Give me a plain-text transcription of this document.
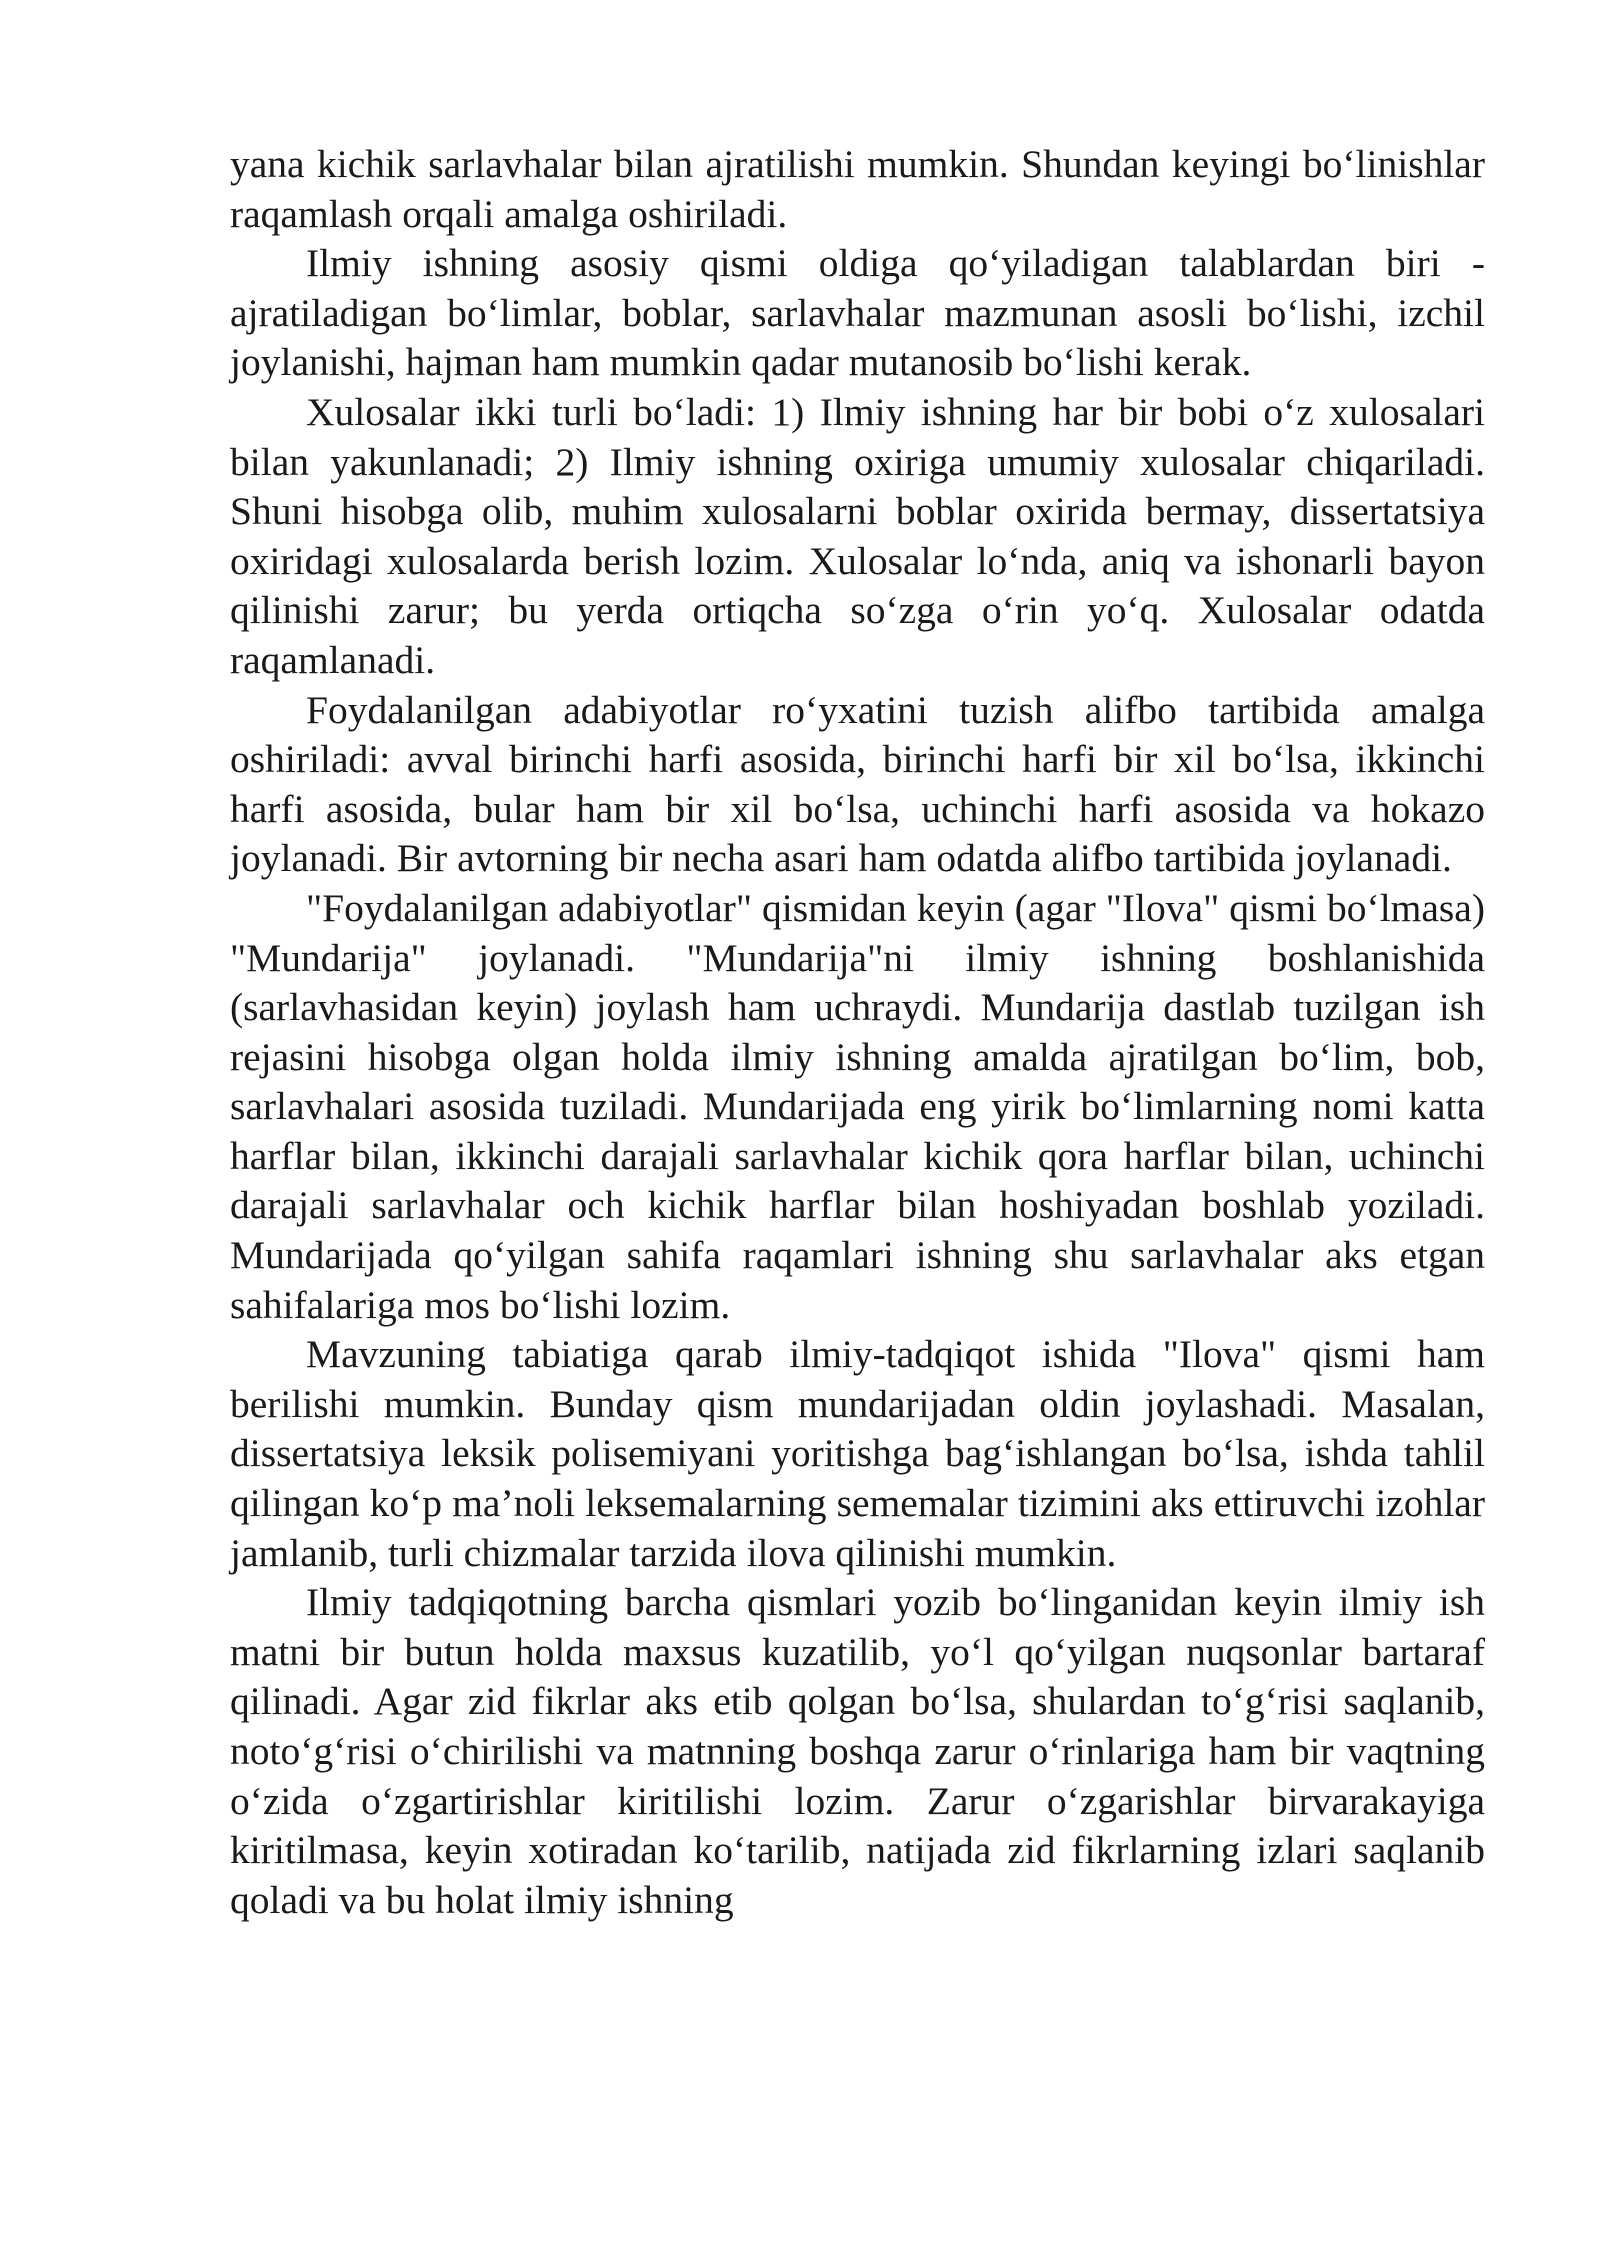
yana kichik sarlavhalar bilan ajratilishi mumkin. Shundan keyingi bo‘linishlar raqamlash orqali amalga oshiriladi.

Ilmiy ishning asosiy qismi oldiga qo‘yiladigan talablardan biri - ajratiladigan bo‘limlar, boblar, sarlavhalar mazmunan asosli bo‘lishi, izchil joylanishi, hajman ham mumkin qadar mutanosib bo‘lishi kerak.

Xulosalar ikki turli bo‘ladi: 1) Ilmiy ishning har bir bobi o‘z xulosalari bilan yakunlanadi; 2) Ilmiy ishning oxiriga umumiy xulosalar chiqariladi. Shuni hisobga olib, muhim xulosalarni boblar oxirida bermay, dissertatsiya oxiridagi xulosalarda berish lozim. Xulosalar lo‘nda, aniq va ishonarli bayon qilinishi zarur; bu yerda ortiqcha so‘zga o‘rin yo‘q. Xulosalar odatda raqamlanadi.

Foydalanilgan adabiyotlar ro‘yxatini tuzish alifbo tartibida amalga oshiriladi: avval birinchi harfi asosida, birinchi harfi bir xil bo‘lsa, ikkinchi harfi asosida, bular ham bir xil bo‘lsa, uchinchi harfi asosida va hokazo joylanadi. Bir avtorning bir necha asari ham odatda alifbo tartibida joylanadi.

"Foydalanilgan adabiyotlar" qismidan keyin (agar "Ilova" qismi bo‘lmasa) "Mundarija" joylanadi. "Mundarija"ni ilmiy ishning boshlanishida (sarlavhasidan keyin) joylash ham uchraydi. Mundarija dastlab tuzilgan ish rejasini hisobga olgan holda ilmiy ishning amalda ajratilgan bo‘lim, bob, sarlavhalari asosida tuziladi. Mundarijada eng yirik bo‘limlarning nomi katta harflar bilan, ikkinchi darajali sarlavhalar kichik qora harflar bilan, uchinchi darajali sarlavhalar och kichik harflar bilan hoshiyadan boshlab yoziladi. Mundarijada qo‘yilgan sahifa raqamlari ishning shu sarlavhalar aks etgan sahifalariga mos bo‘lishi lozim.

Mavzuning tabiatiga qarab ilmiy-tadqiqot ishida "Ilova" qismi ham berilishi mumkin. Bunday qism mundarijadan oldin joylashadi. Masalan, dissertatsiya leksik polisemiyani yoritishga bag‘ishlangan bo‘lsa, ishda tahlil qilingan ko‘p ma’noli leksemalarning sememalar tizimini aks ettiruvchi izohlar jamlanib, turli chizmalar tarzida ilova qilinishi mumkin.

Ilmiy tadqiqotning barcha qismlari yozib bo‘linganidan keyin ilmiy ish matni bir butun holda maxsus kuzatilib, yo‘l qo‘yilgan nuqsonlar bartaraf qilinadi. Agar zid fikrlar aks etib qolgan bo‘lsa, shulardan to‘g‘risi saqlanib, noto‘g‘risi o‘chirilishi va matnning boshqa zarur o‘rinlariga ham bir vaqtning o‘zida o‘zgartirishlar kiritilishi lozim. Zarur o‘zgarishlar birvarakayiga kiritilmasa, keyin xotiradan ko‘tarilib, natijada zid fikrlarning izlari saqlanib qoladi va bu holat ilmiy ishning
